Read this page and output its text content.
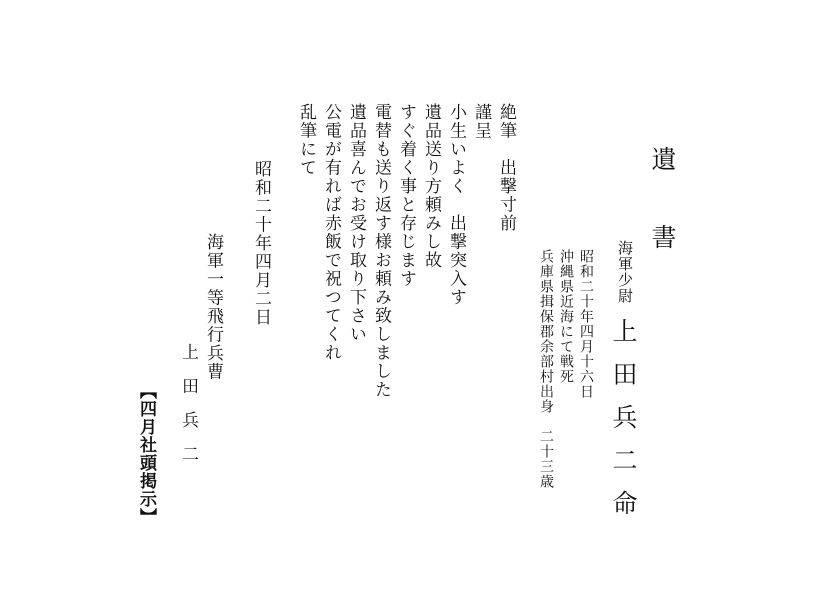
遺
書
海軍少尉
上田兵二命
昭和二十年四月十六日
沖縄県近海にて戦死
兵庫県揖保郡余部村出身　二十三歳
絶筆　出撃寸前
謹呈
小生いよく　出撃突入す
遺品送り方頼みし故
すぐ着く事と存じます
電替も送り返す様お頼み致しました
遺品喜んでお受け取り下さい
公電が有れば赤飯で祝つてくれ
乱筆にて
昭和二十年四月二日
海軍一等飛行兵曹
上田兵二
【四月社頭掲示】
